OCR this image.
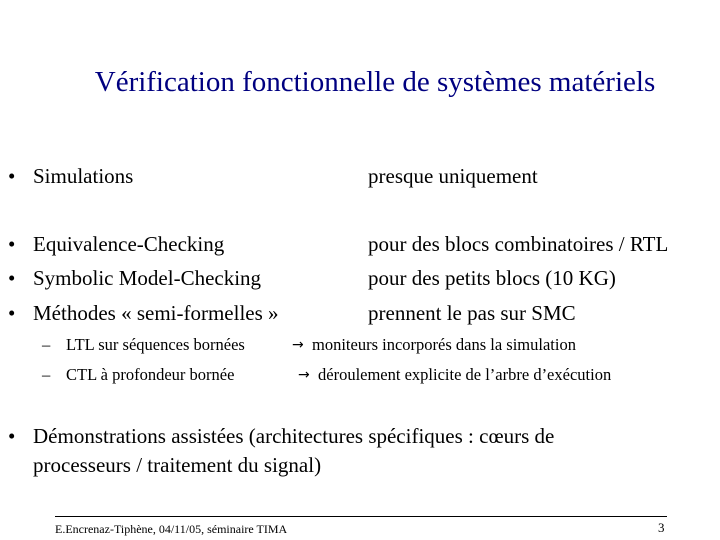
Vérification fonctionnelle de systèmes matériels
• Simulations	presque uniquement
• Equivalence-Checking	pour des blocs combinatoires / RTL
• Symbolic Model-Checking	pour des petits blocs (10 KG)
• Méthodes « semi-formelles »	prennent le pas sur SMC
– LTL sur séquences bornées	→ moniteurs incorporés dans la simulation
– CTL à profondeur bornée	→ déroulement explicite de l’arbre d’exécution
• Démonstrations assistées (architectures spécifiques : cœurs de
processeurs / traitement du signal)
E.Encrenaz-Tiphène, 04/11/05, séminaire TIMA	3
